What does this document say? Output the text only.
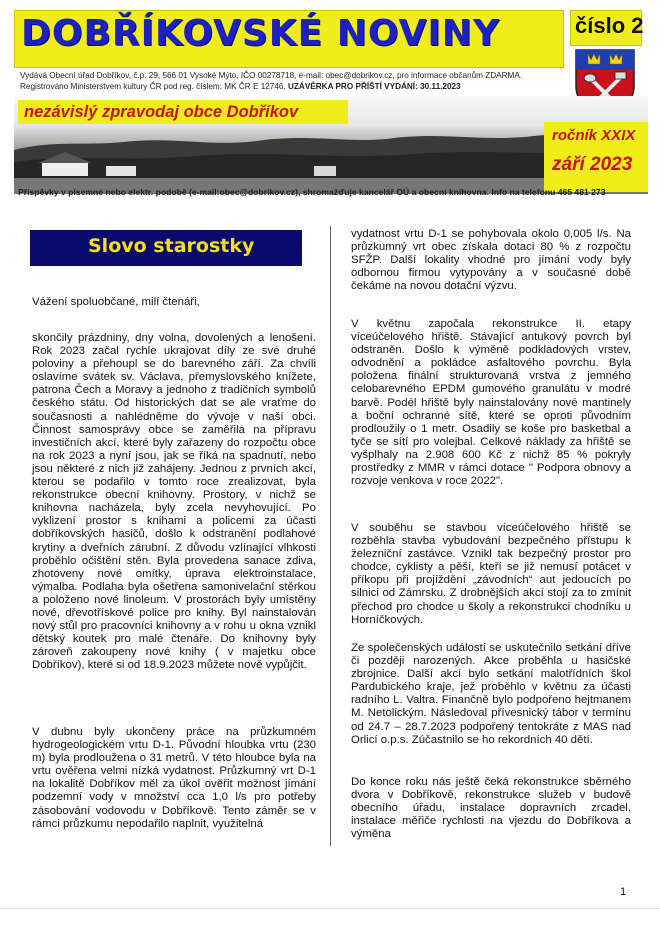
DOBŘÍKOVSKÉ NOVINY	číslo 2
Vydává Obecní úřad Dobříkov, č.p. 29, 566 01 Vysoké Mýto, IČO 00278718, e-mail: obec@dobrikov.cz, pro informace občanům ZDARMA.
Registrováno Ministerstvem kultury ČR pod reg. číslem: MK ČR E 12746. UZÁVĚRKA PRO PŘÍŠTÍ VYDÁNÍ: 30.11.2023
nezávislý zpravodaj obce Dobříkov
ročník XXIX
září 2023
Příspěvky v písemné nebo elektr. podobě (e-mail:obec@dobrikov.cz), shromažďuje kancelář OÚ a obecní knihovna. Info na telefonu 465 481 273
Slovo starostky
Vážení spoluobčané, milí čtenáři,
skončily prázdniny, dny volna, dovolených a lenošení. Rok 2023 začal rychle ukrajovat díly ze své druhé poloviny a přehoupl se do barevného září. Za chvíli oslavíme svátek sv. Václava, přemyslovského knížete, patrona Čech a Moravy a jednoho z tradičních symbolů českého státu. Od historických dat se ale vraťme do současnosti a nahlédněme do vývoje v naší obci. Činnost samosprávy obce se zaměřila na přípravu investičních akcí, které byly zařazeny do rozpočtu obce na rok 2023 a nyní jsou, jak se říká na spadnutí, nebo jsou některé z nich již zahájeny. Jednou z prvních akcí, kterou se podařilo v tomto roce zrealizovat, byla rekonstrukce obecní knihovny. Prostory, v nichž se knihovna nacházela, byly zcela nevyhovující. Po vyklizení prostor s knihami a policemi za účasti dobříkovských hasičů, došlo k odstranění podlahové krytiny a dveřních zárubní. Z důvodu vzlínající vlhkosti proběhlo očištění stěn. Byla provedena sanace zdiva, zhotoveny nové omítky, úprava elektroinstalace, výmalba. Podlaha byla ošetřena samonivelační stěrkou a položeno nové linoleum. V prostorách byly umístěny nové, dřevotřískové police pro knihy. Byl nainstalován nový stůl pro pracovníci knihovny a v rohu u okna vznikl dětský koutek pro malé čtenáře. Do knihovny byly zároveň zakoupeny nové knihy ( v majetku obce Dobříkov), které si od 18.9.2023 můžete nově vypůjčit.
V dubnu byly ukončeny práce na průzkumném hydrogeologickém vrtu D-1. Původní hloubka vrtu (230 m) byla prodloužena o 31 metrů. V této hloubce byla na vrtu ověřena velmi nízká vydatnost. Průzkumný vrt D-1 na lokalitě Dobříkov měl za úkol ověřit možnost jímání podzemní vody v množství cca 1,0 l/s pro potřeby zásobování vodovodu v Dobříkově. Tento záměr se v rámci průzkumu nepodařilo naplnit, využitelná
vydatnost vrtu D-1 se pohybovala okolo 0,005 l/s. Na průzkumný vrt obec získala dotaci 80 % z rozpočtu SFŽP. Další lokality vhodné pro jímání vody byly odbornou firmou vytypovány a v současné době čekáme na novou dotační výzvu.
V květnu započala rekonstrukce II. etapy víceúčelového hřiště. Stávající antukový povrch byl odstraněn. Došlo k výměně podkladových vrstev, odvodnění a pokládce asfaltového povrchu. Byla položena finální strukturovaná vrstva z jemného celobarevného EPDM gumového granulátu v modré barvě. Podél hřiště byly nainstalovány nové mantinely a boční ochranné sítě, které se oproti původním prodloužily o 1 metr. Osadily se koše pro basketbal a tyče se sítí pro volejbal. Celkové náklady za hřiště se vyšplhaly na 2.908 600 Kč z nichž 85 % pokryly prostředky z MMR v rámci dotace " Podpora obnovy a rozvoje venkova v roce 2022".
V souběhu se stavbou víceúčelového hřiště se rozběhla stavba vybudování bezpečného přístupu k železniční zastávce. Vznikl tak bezpečný prostor pro chodce, cyklisty a pěší, kteří se již nemusí potácet v příkopu při projíždění „závodních“ aut jedoucích po silnici od Zámrsku. Z drobnějších akcí stojí za to zmínit přechod pro chodce u školy a rekonstrukci chodníku u Horníčkových.
Ze společenských událostí se uskutečnilo setkání dříve či později narozených. Akce proběhla u hasičské zbrojnice. Další akcí bylo setkání malotřídních škol Pardubického kraje, jež proběhlo v květnu za účasti radního L. Valtra. Finančně bylo podpořeno hejtmanem M. Netolickým. Následoval přívesnický tábor v termínu od 24.7 – 28.7.2023 podpořený tentokráte z MAS nad Orlicí o.p.s. Zúčastnilo se ho rekordních 40 dětí.
Do konce roku nás ještě čeká rekonstrukce sběrného dvora v Dobříkově, rekonstrukce služeb v budově obecního úřadu, instalace dopravních zrcadel, instalace měřiče rychlosti na vjezdu do Dobříkova a výměna
1
